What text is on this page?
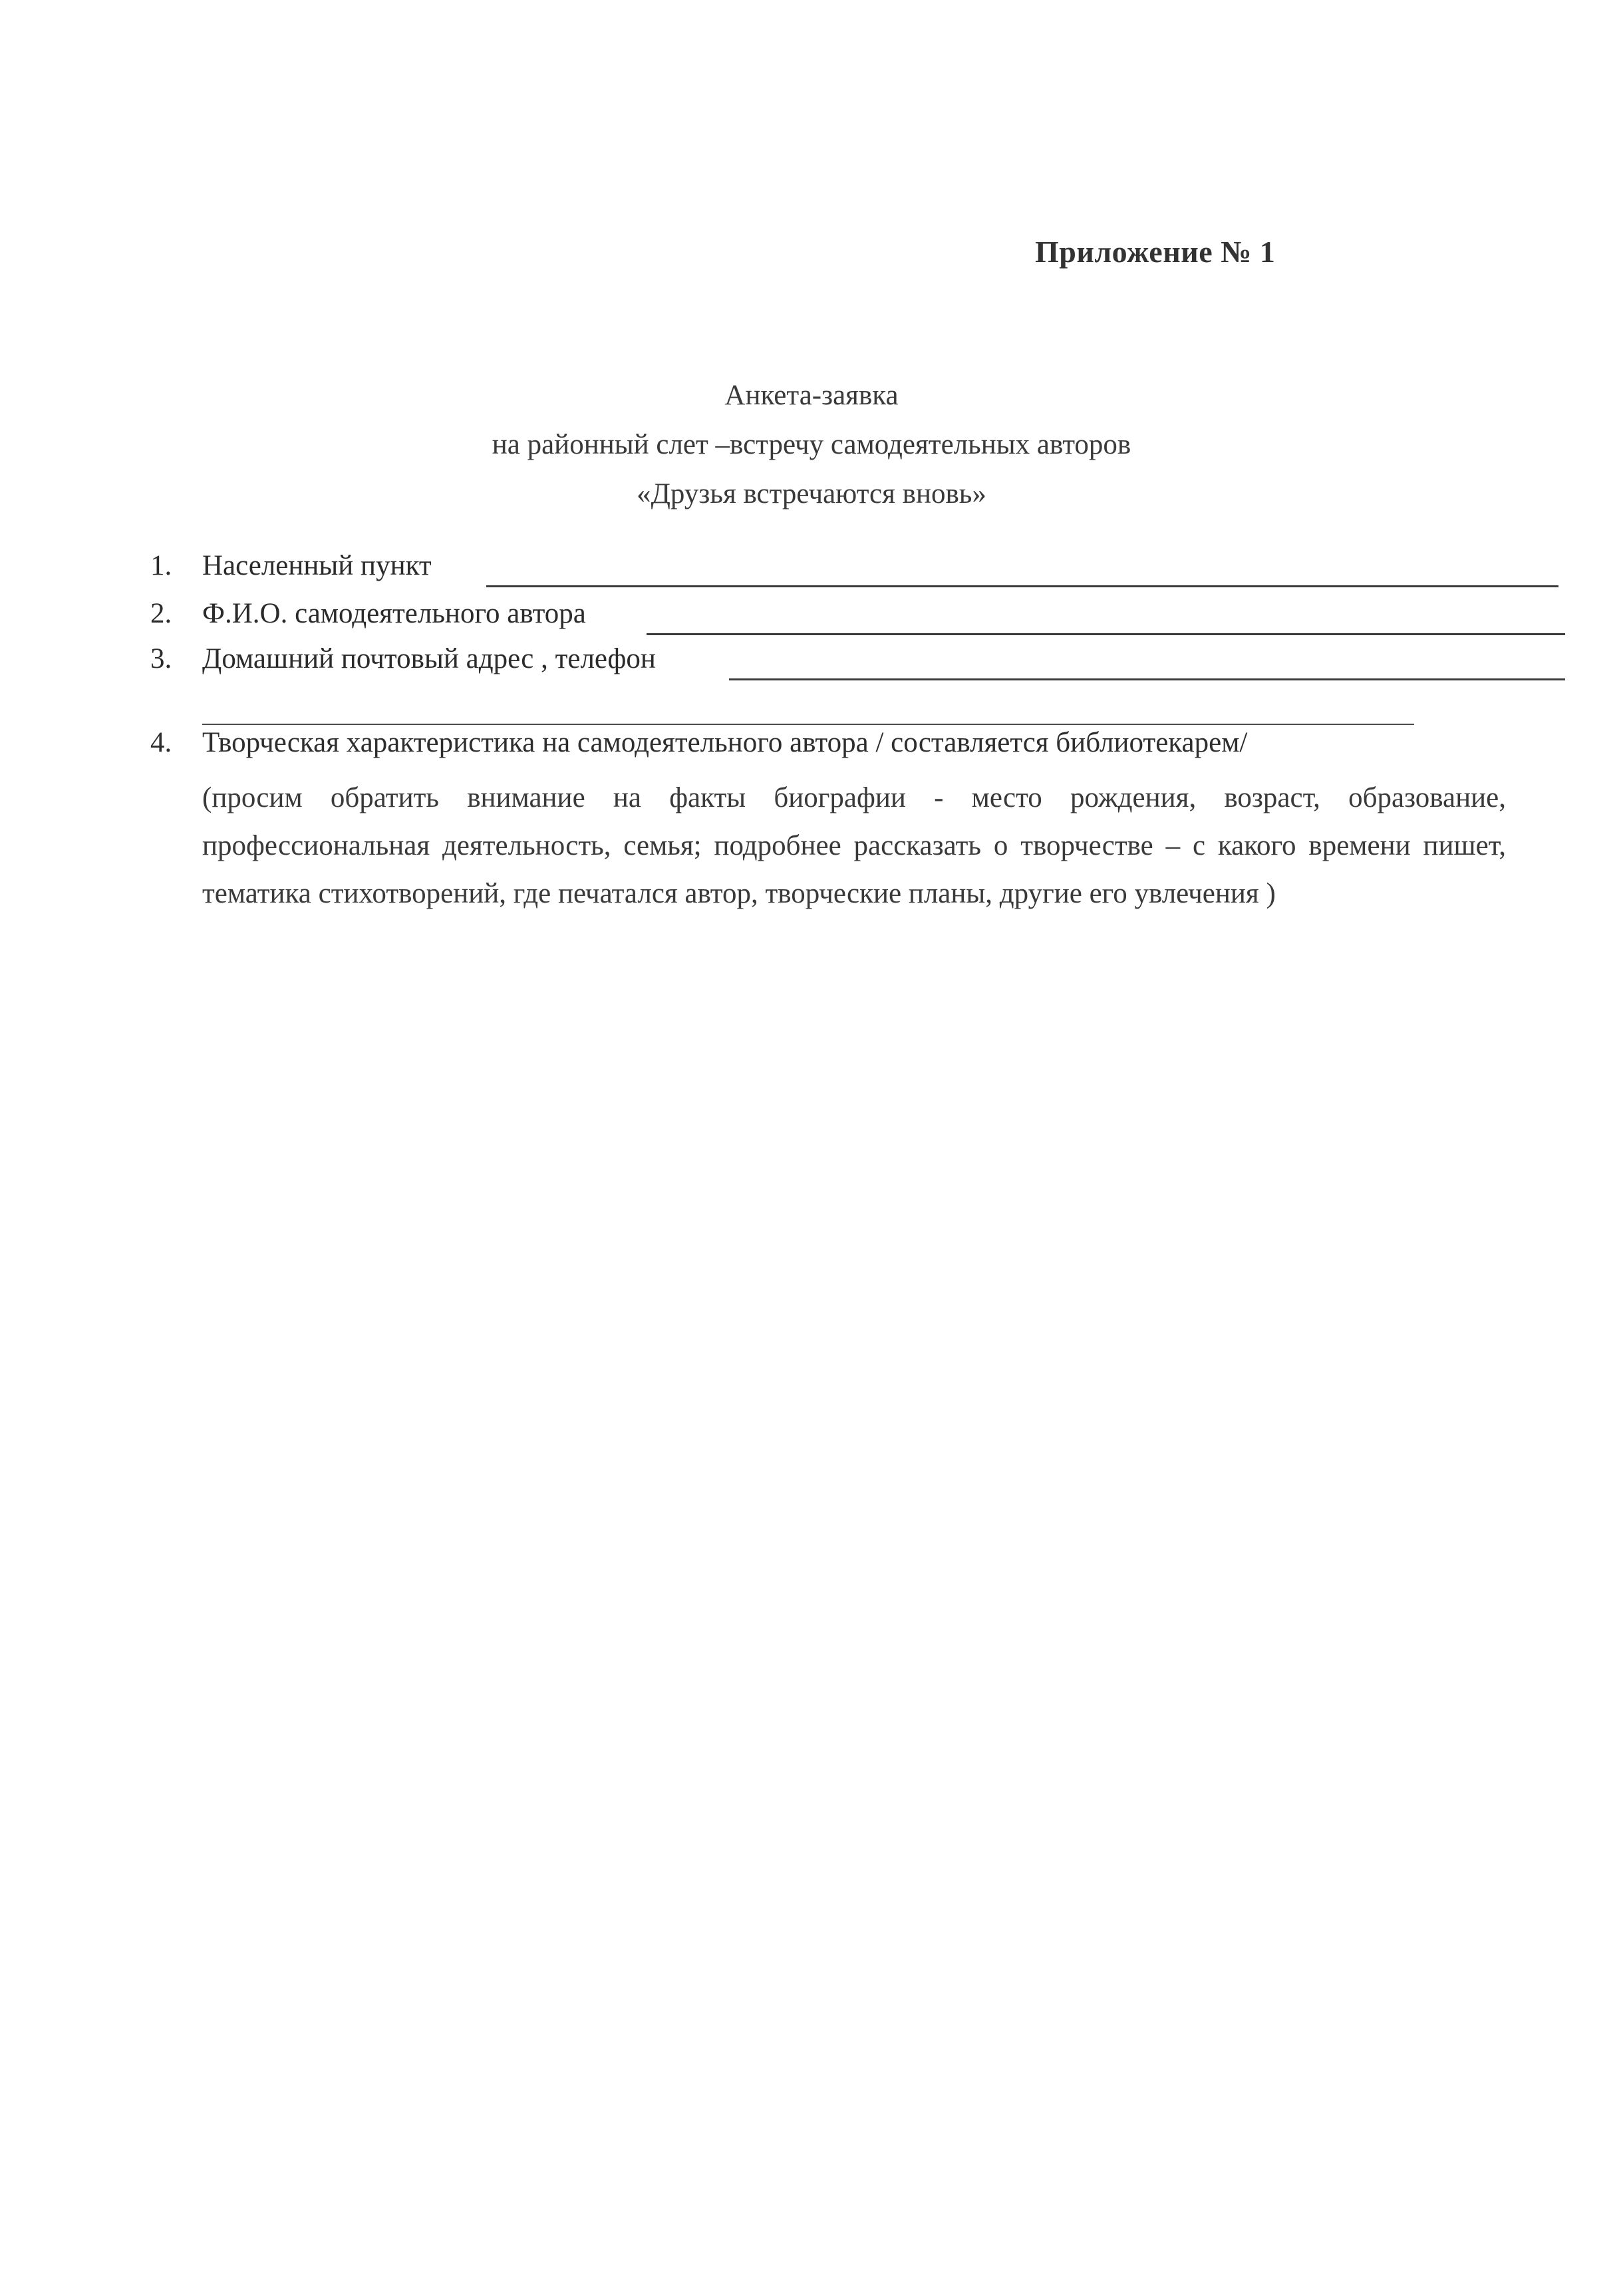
Приложение № 1
Анкета-заявка
на районный слет –встречу самодеятельных авторов
«Друзья встречаются вновь»
1.	Населенный пункт
2.	Ф.И.О. самодеятельного автора
3.	Домашний почтовый адрес , телефон
4. Творческая характеристика на самодеятельного автора / составляется библиотекарем/
(просим обратить внимание на факты биографии - место рождения, возраст, образование, профессиональная деятельность, семья; подробнее рассказать о творчестве – с какого времени пишет, тематика стихотворений, где печатался автор, творческие планы, другие его увлечения )
